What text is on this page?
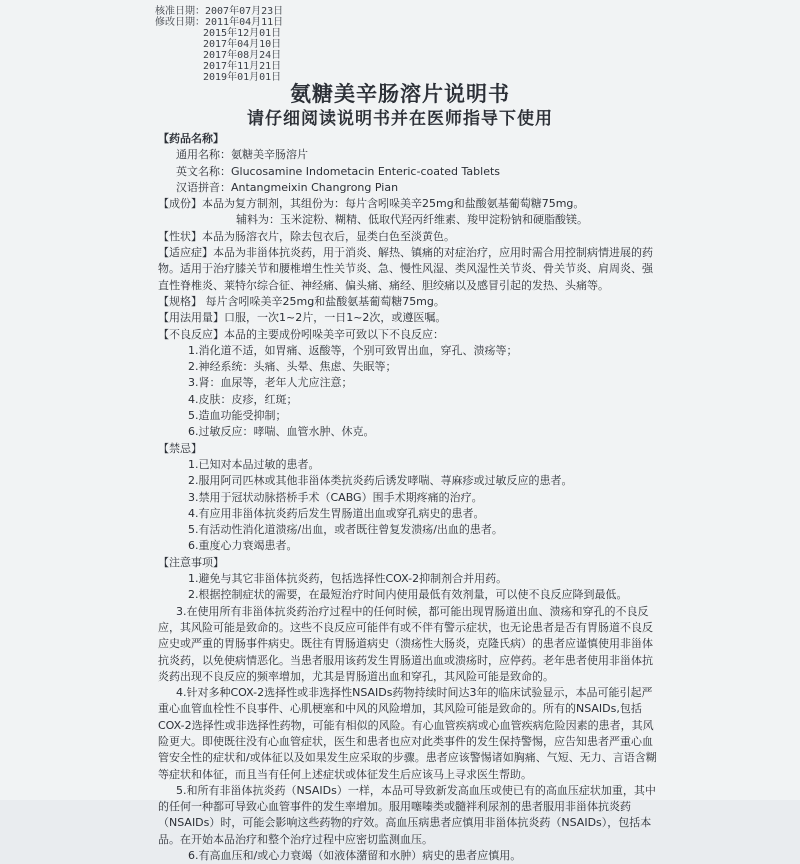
核准日期：2007年07月23日
修改日期：2011年04月11日
2015年12月01日
2017年04月10日
2017年08月24日
2017年11月21日
2019年01月01日
氨糖美辛肠溶片说明书
请仔细阅读说明书并在医师指导下使用
【药品名称】
通用名称：氨糖美辛肠溶片
英文名称：Glucosamine Indometacin Enteric-coated Tablets
汉语拼音：Antangmeixin Changrong Pian
【成份】本品为复方制剂，其组份为：每片含吲哚美辛25mg和盐酸氨基葡萄糖75mg。
辅料为：玉米淀粉、糊精、低取代羟丙纤维素、羧甲淀粉钠和硬脂酸镁。
【性状】本品为肠溶衣片，除去包衣后，显类白色至淡黄色。
【适应症】本品为非甾体抗炎药，用于消炎、解热、镇痛的对症治疗，应用时需合用控制病情进展的药物。适用于治疗膝关节和腰椎增生性关节炎、急、慢性风湿、类风湿性关节炎、骨关节炎、肩周炎、强直性脊椎炎、莱特尔综合征、神经痛、偏头痛、痛经、胆绞痛以及感冒引起的发热、头痛等。
【规格】 每片含吲哚美辛25mg和盐酸氨基葡萄糖75mg。
【用法用量】口服，一次1~2片，一日1~2次，或遵医嘱。
【不良反应】本品的主要成份吲哚美辛可致以下不良反应：
1.消化道不适，如胃痛、返酸等，个别可致胃出血，穿孔、溃疡等；
2.神经系统：头痛、头晕、焦虑、失眠等；
3.肾：血尿等，老年人尤应注意；
4.皮肤：皮疹，红斑；
5.造血功能受抑制；
6.过敏反应：哮喘、血管水肿、休克。
【禁忌】
1.已知对本品过敏的患者。
2.服用阿司匹林或其他非甾体类抗炎药后诱发哮喘、荨麻疹或过敏反应的患者。
3.禁用于冠状动脉搭桥手术（CABG）围手术期疼痛的治疗。
4.有应用非甾体抗炎药后发生胃肠道出血或穿孔病史的患者。
5.有活动性消化道溃疡/出血，或者既往曾复发溃疡/出血的患者。
6.重度心力衰竭患者。
【注意事项】
1.避免与其它非甾体抗炎药，包括选择性COX-2抑制剂合并用药。
2.根据控制症状的需要，在最短治疗时间内使用最低有效剂量，可以使不良反应降到最低。
3.在使用所有非甾体抗炎药治疗过程中的任何时候，都可能出现胃肠道出血、溃疡和穿孔的不良反应，其风险可能是致命的。这些不良反应可能伴有或不伴有警示症状，也无论患者是否有胃肠道不良反应史或严重的胃肠事件病史。既往有胃肠道病史（溃疡性大肠炎，克隆氏病）的患者应谨慎使用非甾体抗炎药，以免使病情恶化。当患者服用该药发生胃肠道出血或溃疡时，应停药。老年患者使用非甾体抗炎药出现不良反应的频率增加，尤其是胃肠道出血和穿孔，其风险可能是致命的。
4.针对多种COX-2选择性或非选择性NSAIDs药物持续时间达3年的临床试验显示，本品可能引起严重心血管血栓性不良事件、心肌梗塞和中风的风险增加，其风险可能是致命的。所有的NSAIDs,包括COX-2选择性或非选择性药物，可能有相似的风险。有心血管疾病或心血管疾病危险因素的患者，其风险更大。即使既往没有心血管症状，医生和患者也应对此类事件的发生保持警惕，应告知患者严重心血管安全性的症状和/或体征以及如果发生应采取的步骤。患者应该警惕诸如胸痛、气短、无力、言语含糊等症状和体征，而且当有任何上述症状或体征发生后应该马上寻求医生帮助。
5.和所有非甾体抗炎药（NSAIDs）一样，本品可导致新发高血压或使已有的高血压症状加重，其中的任何一种都可导致心血管事件的发生率增加。服用噻嗪类或髓袢利尿剂的患者服用非甾体抗炎药（NSAIDs）时，可能会影响这些药物的疗效。高血压病患者应慎用非甾体抗炎药（NSAIDs），包括本品。在开始本品治疗和整个治疗过程中应密切监测血压。
6.有高血压和/或心力衰竭（如液体潴留和水肿）病史的患者应慎用。
